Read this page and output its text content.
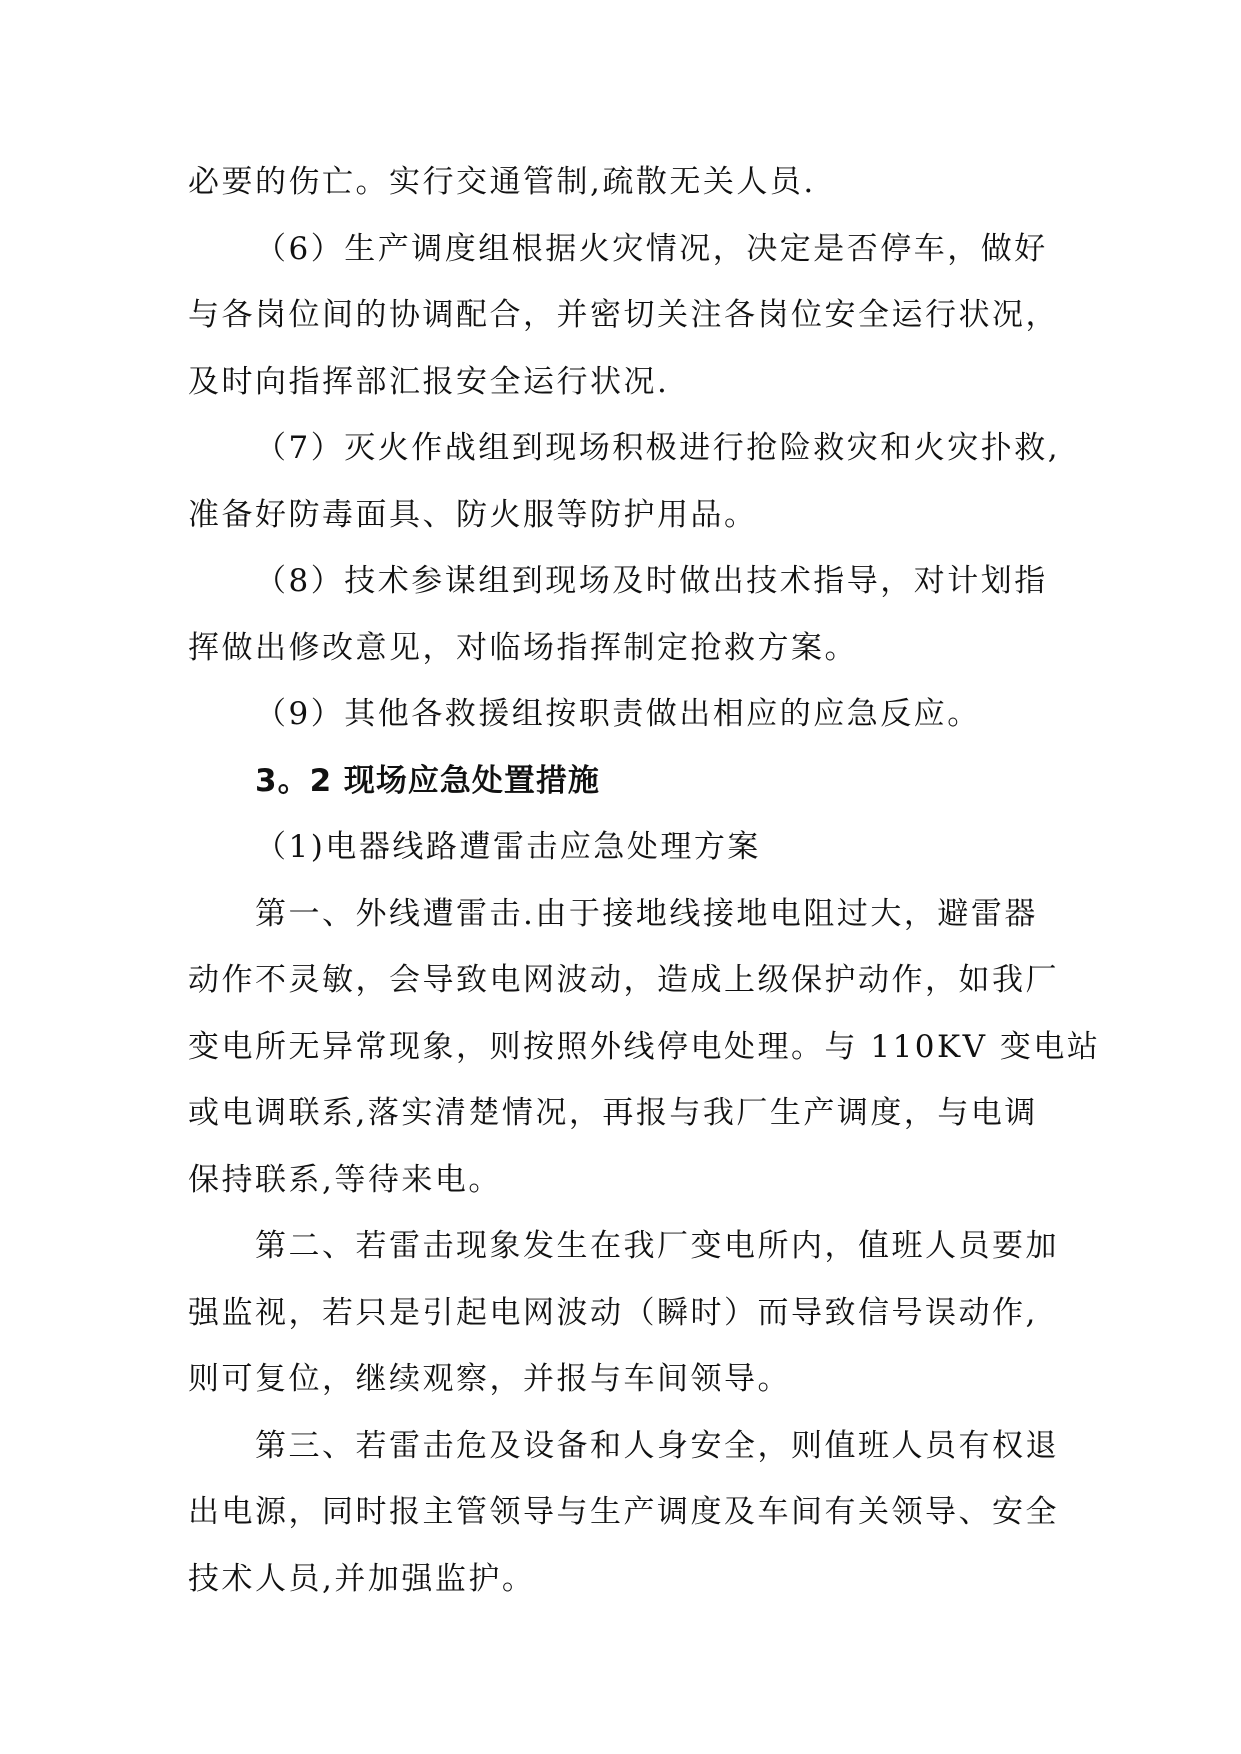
必要的伤亡。实行交通管制,疏散无关人员.
（6）生产调度组根据火灾情况，决定是否停车，做好
与各岗位间的协调配合，并密切关注各岗位安全运行状况，
及时向指挥部汇报安全运行状况.
（7）灭火作战组到现场积极进行抢险救灾和火灾扑救,
准备好防毒面具、防火服等防护用品。
（8）技术参谋组到现场及时做出技术指导，对计划指
挥做出修改意见，对临场指挥制定抢救方案。
（9）其他各救援组按职责做出相应的应急反应。
3。2 现场应急处置措施
（1)电器线路遭雷击应急处理方案
第一、外线遭雷击.由于接地线接地电阻过大，避雷器
动作不灵敏，会导致电网波动，造成上级保护动作，如我厂
变电所无异常现象，则按照外线停电处理。与 110KV 变电站
或电调联系,落实清楚情况，再报与我厂生产调度，与电调
保持联系,等待来电。
第二、若雷击现象发生在我厂变电所内，值班人员要加
强监视，若只是引起电网波动（瞬时）而导致信号误动作,
则可复位，继续观察，并报与车间领导。
第三、若雷击危及设备和人身安全，则值班人员有权退
出电源，同时报主管领导与生产调度及车间有关领导、安全
技术人员,并加强监护。
